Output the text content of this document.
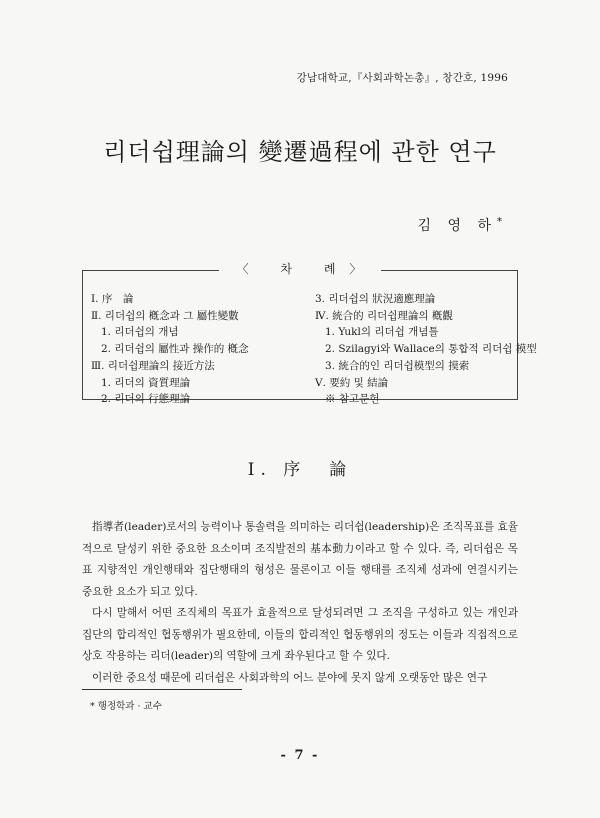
강남대학교,『사회과학논총』, 창간호, 1996
리더쉽理論의 變遷過程에 관한 연구
김 영 하*
〈 차 례〉
Ⅰ. 序　論
Ⅱ. 리더쉽의 槪念과 그 屬性變數
1. 리더쉽의 개념
2. 리더쉽의 屬性과 操作的 槪念
Ⅲ. 리더쉽理論의 接近方法
1. 리더의 資質理論
2. 리더의 行態理論
3. 리더쉽의 狀況適應理論
Ⅳ. 統合的 리더쉽理論의 槪觀
1. Yukl의 리더쉽 개념틀
2. Szilagyi와 Wallace의 통합적 리더쉽 模型
3. 統合的인 리더쉽模型의 摸索
Ⅴ. 要約 및 結論
※ 참고문헌
Ⅰ. 序　論

指導者(leader)로서의 능력이나 통솔력을 의미하는 리더쉽(leadership)은 조직목표를 효율적으로 달성키 위한 중요한 요소이며 조직발전의 基本動力이라고 할 수 있다. 즉, 리더쉽은 목표 지향적인 개인행태와 집단행태의 형성은 물론이고 이들 행태를 조직체 성과에 연결시키는 중요한 요소가 되고 있다.

다시 말해서 어떤 조직체의 목표가 효율적으로 달성되려면 그 조직을 구성하고 있는 개인과 집단의 합리적인 협동행위가 필요한데, 이들의 합리적인 협동행위의 정도는 이들과 직접적으로 상호 작용하는 리더(leader)의 역할에 크게 좌우된다고 할 수 있다.

이러한 중요성 때문에 리더쉽은 사회과학의 어느 분야에 못지 않게 오랫동안 많은 연구

* 행정학과 · 교수
- 7 -
